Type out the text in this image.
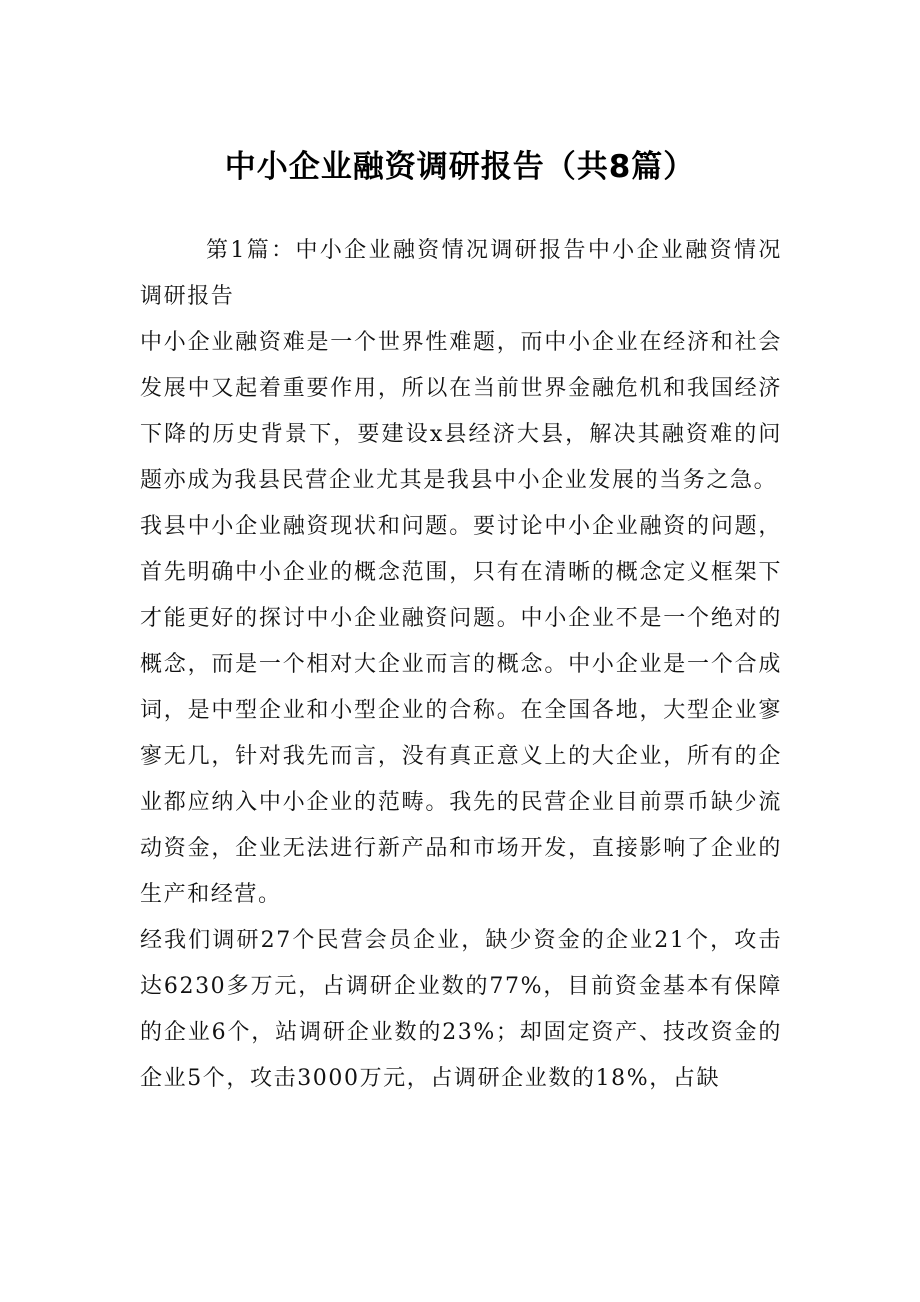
中小企业融资调研报告（共8篇）

第1篇：中小企业融资情况调研报告中小企业融资情况调研报告

中小企业融资难是一个世界性难题，而中小企业在经济和社会发展中又起着重要作用，所以在当前世界金融危机和我国经济下降的历史背景下，要建设x县经济大县，解决其融资难的问题亦成为我县民营企业尤其是我县中小企业发展的当务之急。

我县中小企业融资现状和问题。要讨论中小企业融资的问题，首先明确中小企业的概念范围，只有在清晰的概念定义框架下才能更好的探讨中小企业融资问题。中小企业不是一个绝对的概念，而是一个相对大企业而言的概念。中小企业是一个合成词，是中型企业和小型企业的合称。在全国各地，大型企业寥寥无几，针对我先而言，没有真正意义上的大企业，所有的企业都应纳入中小企业的范畴。我先的民营企业目前票币缺少流动资金，企业无法进行新产品和市场开发，直接影响了企业的生产和经营。

经我们调研27个民营会员企业，缺少资金的企业21个，攻击达6230多万元，占调研企业数的77%，目前资金基本有保障的企业6个，站调研企业数的23%；却固定资产、技改资金的企业5个，攻击3000万元，占调研企业数的18%，占缺
